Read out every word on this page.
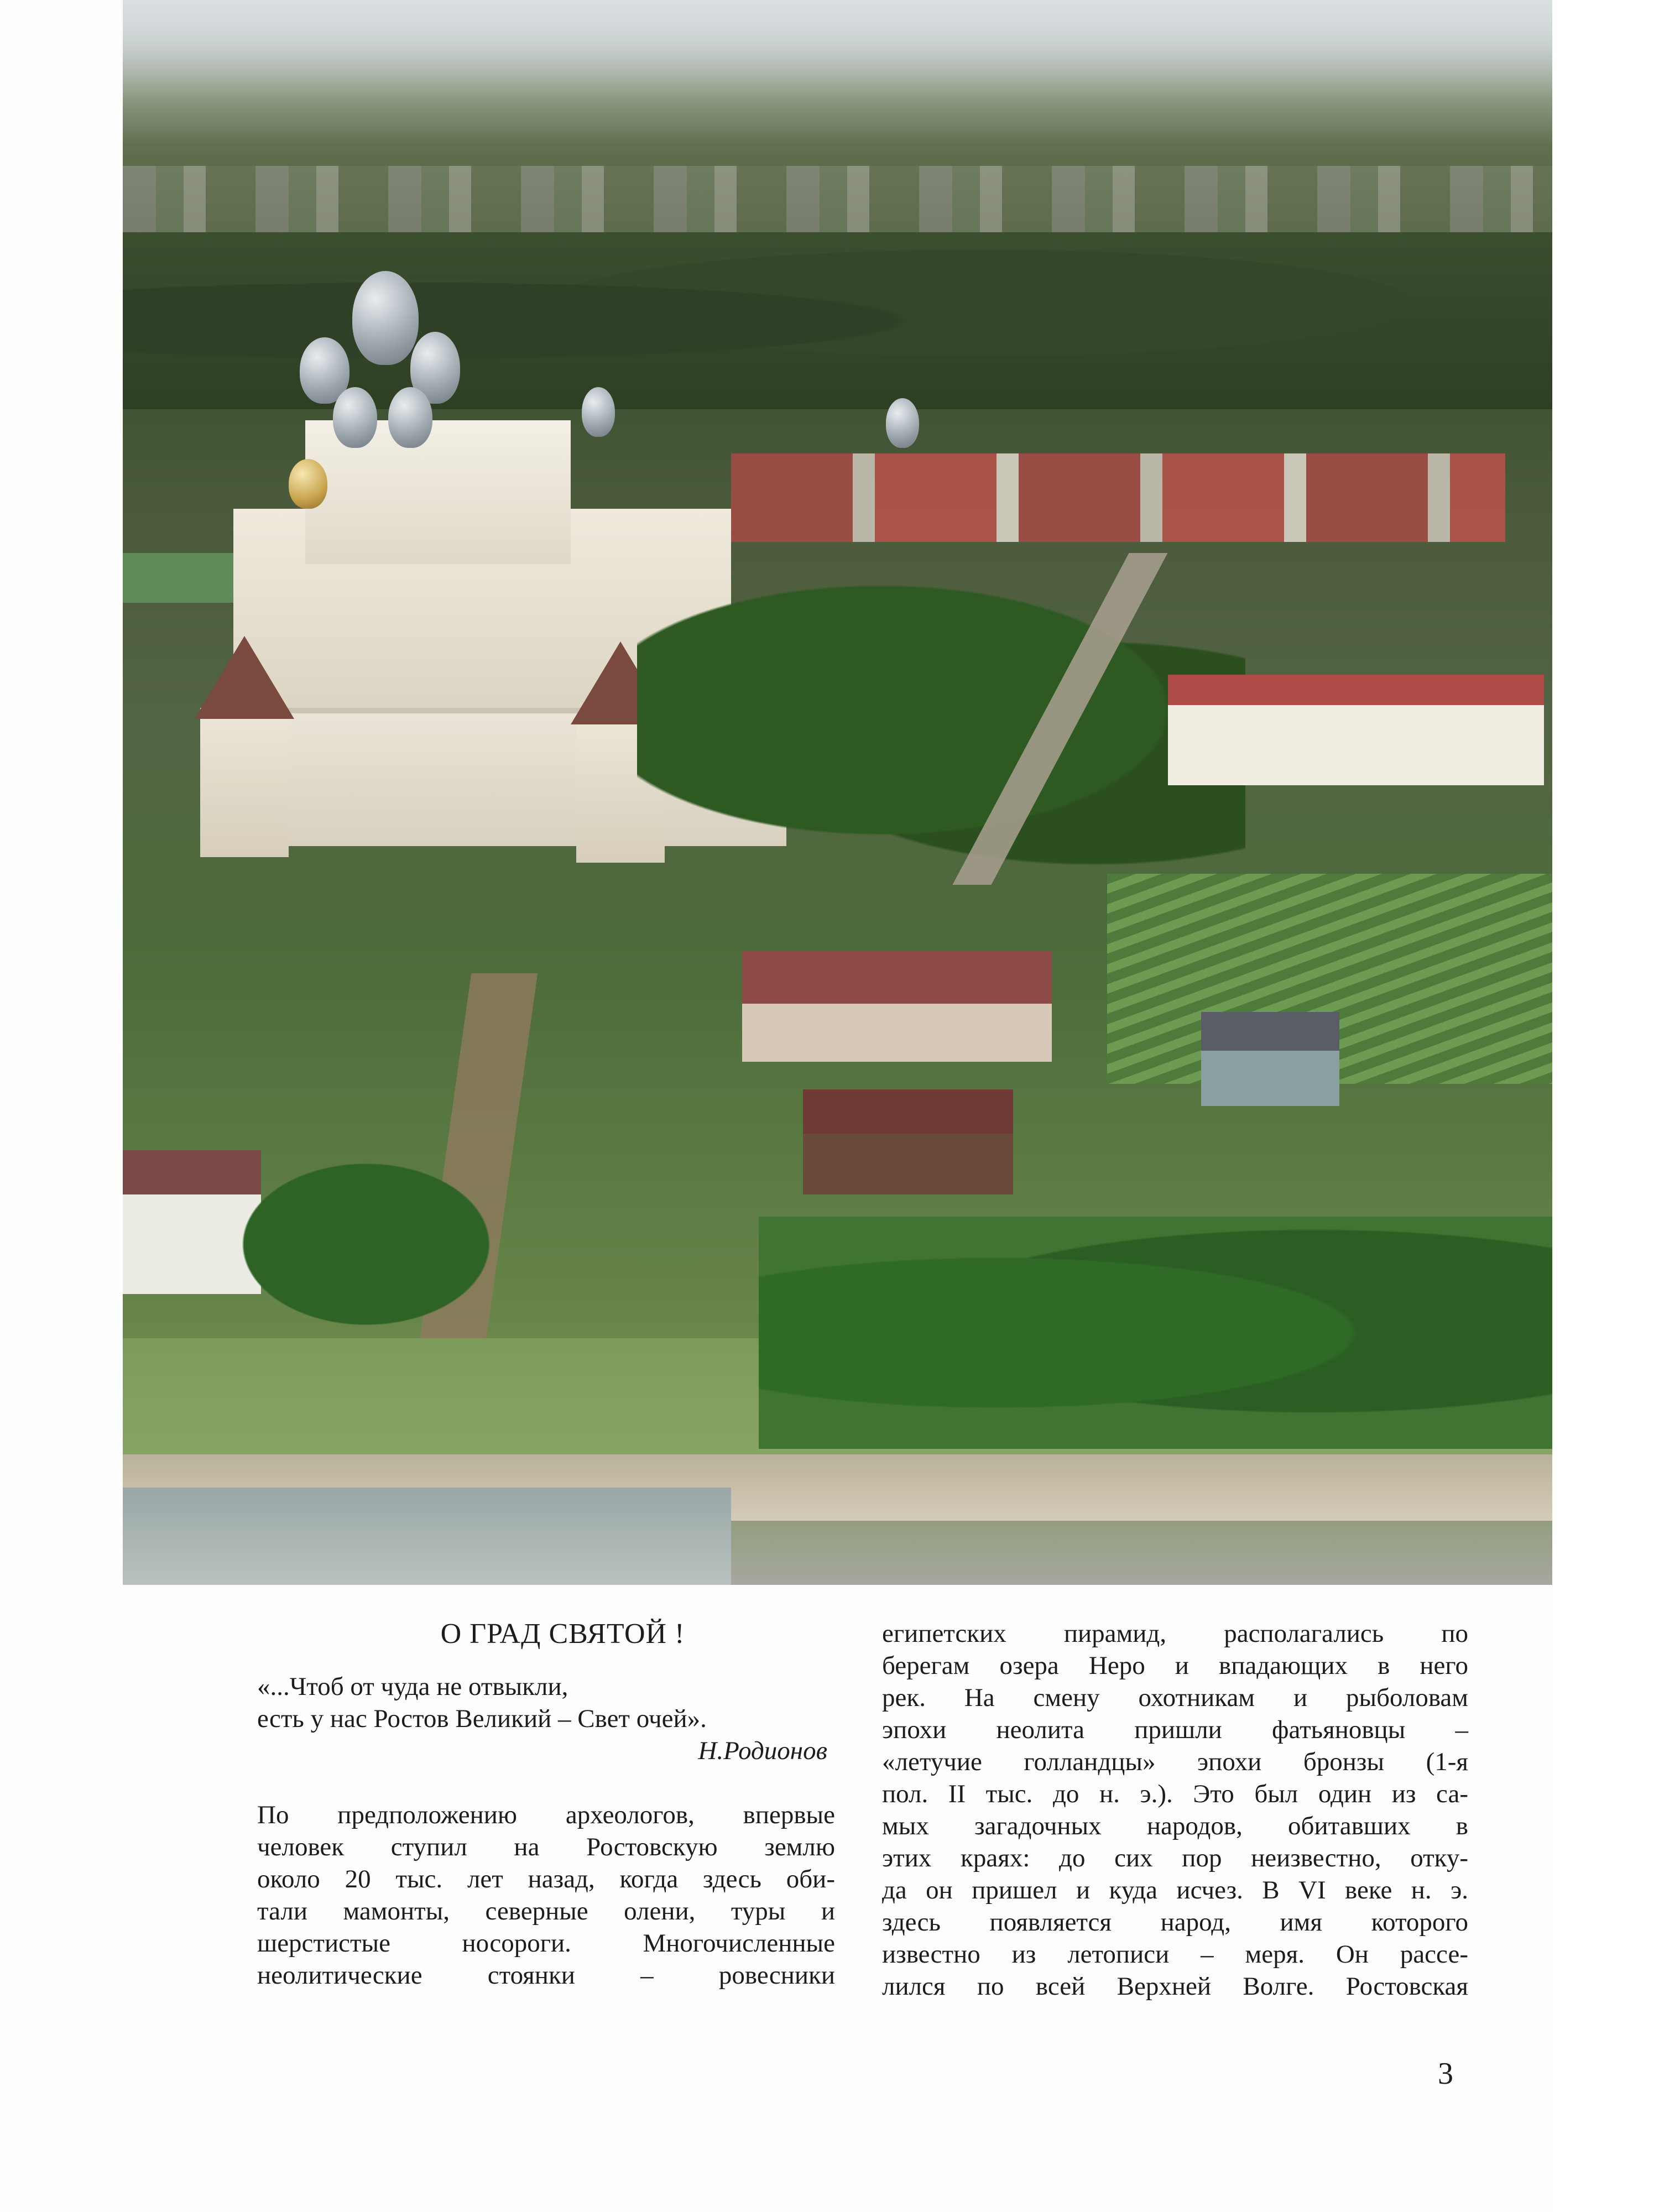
О ГРАД СВЯТОЙ !
«...Чтоб от чуда не отвыкли,
есть у нас Ростов Великий – Свет очей».
Н.Родионов
По предположению археологов, впервые
человек ступил на Ростовскую землю
около 20 тыс. лет назад, когда здесь оби-
тали мамонты, северные олени, туры и
шерстистые носороги. Многочисленные
неолитические стоянки – ровесники
египетских пирамид, располагались по
берегам озера Неро и впадающих в него
рек. На смену охотникам и рыболовам
эпохи неолита пришли фатьяновцы –
«летучие голландцы» эпохи бронзы (1-я
пол. II тыс. до н. э.). Это был один из са-
мых загадочных народов, обитавших в
этих краях: до сих пор неизвестно, отку-
да он пришел и куда исчез. В VI веке н. э.
здесь появляется народ, имя которого
известно из летописи – меря. Он рассе-
лился по всей Верхней Волге. Ростовская
3
